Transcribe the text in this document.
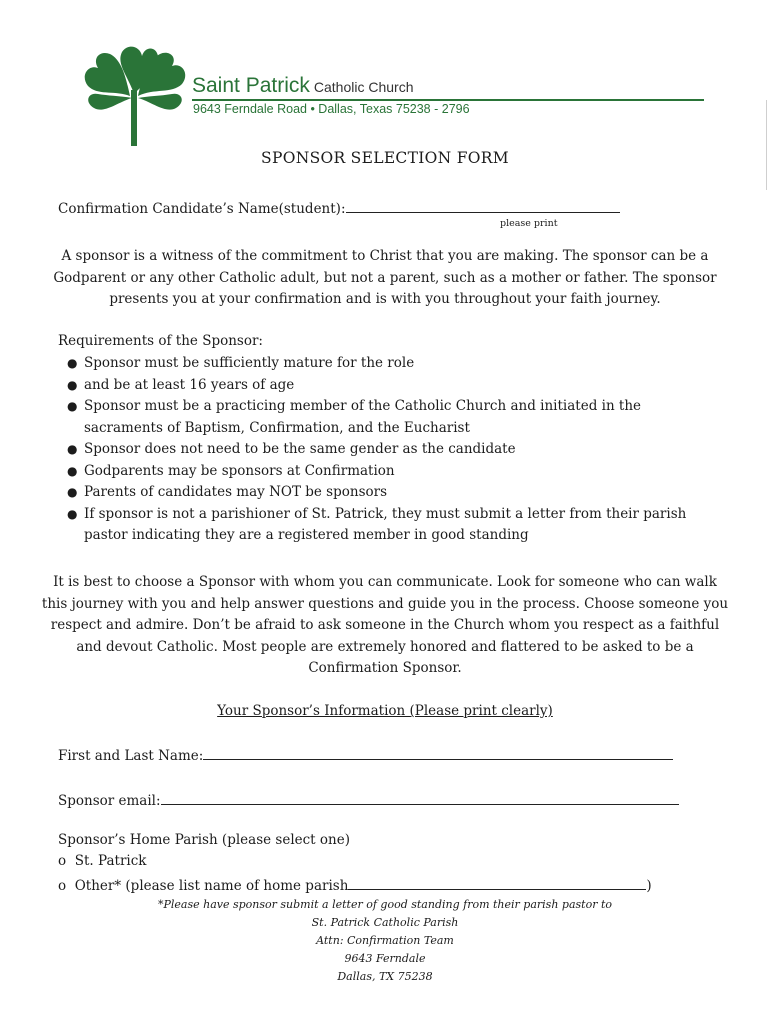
Saint Patrick Catholic Church
9643 Ferndale Road • Dallas, Texas 75238 - 2796
SPONSOR SELECTION FORM
Confirmation Candidate’s Name(student):
please print

A sponsor is a witness of the commitment to Christ that you are making. The sponsor can be a
Godparent or any other Catholic adult, but not a parent, such as a mother or father. The sponsor
presents you at your confirmation and is with you throughout your faith journey.

Requirements of the Sponsor:
● Sponsor must be sufficiently mature for the role
● and be at least 16 years of age
● Sponsor must be a practicing member of the Catholic Church and initiated in the sacraments of Baptism, Confirmation, and the Eucharist
● Sponsor does not need to be the same gender as the candidate
● Godparents may be sponsors at Confirmation
● Parents of candidates may NOT be sponsors
● If sponsor is not a parishioner of St. Patrick, they must submit a letter from their parish pastor indicating they are a registered member in good standing

It is best to choose a Sponsor with whom you can communicate. Look for someone who can walk
this journey with you and help answer questions and guide you in the process. Choose someone you
respect and admire. Don’t be afraid to ask someone in the Church whom you respect as a faithful
and devout Catholic. Most people are extremely honored and flattered to be asked to be a
Confirmation Sponsor.

Your Sponsor’s Information (Please print clearly)
First and Last Name:
Sponsor email:
Sponsor’s Home Parish (please select one)
o St. Patrick
o Other* (please list name of home parish	)
*Please have sponsor submit a letter of good standing from their parish pastor to
St. Patrick Catholic Parish
Attn: Confirmation Team
9643 Ferndale
Dallas, TX 75238
